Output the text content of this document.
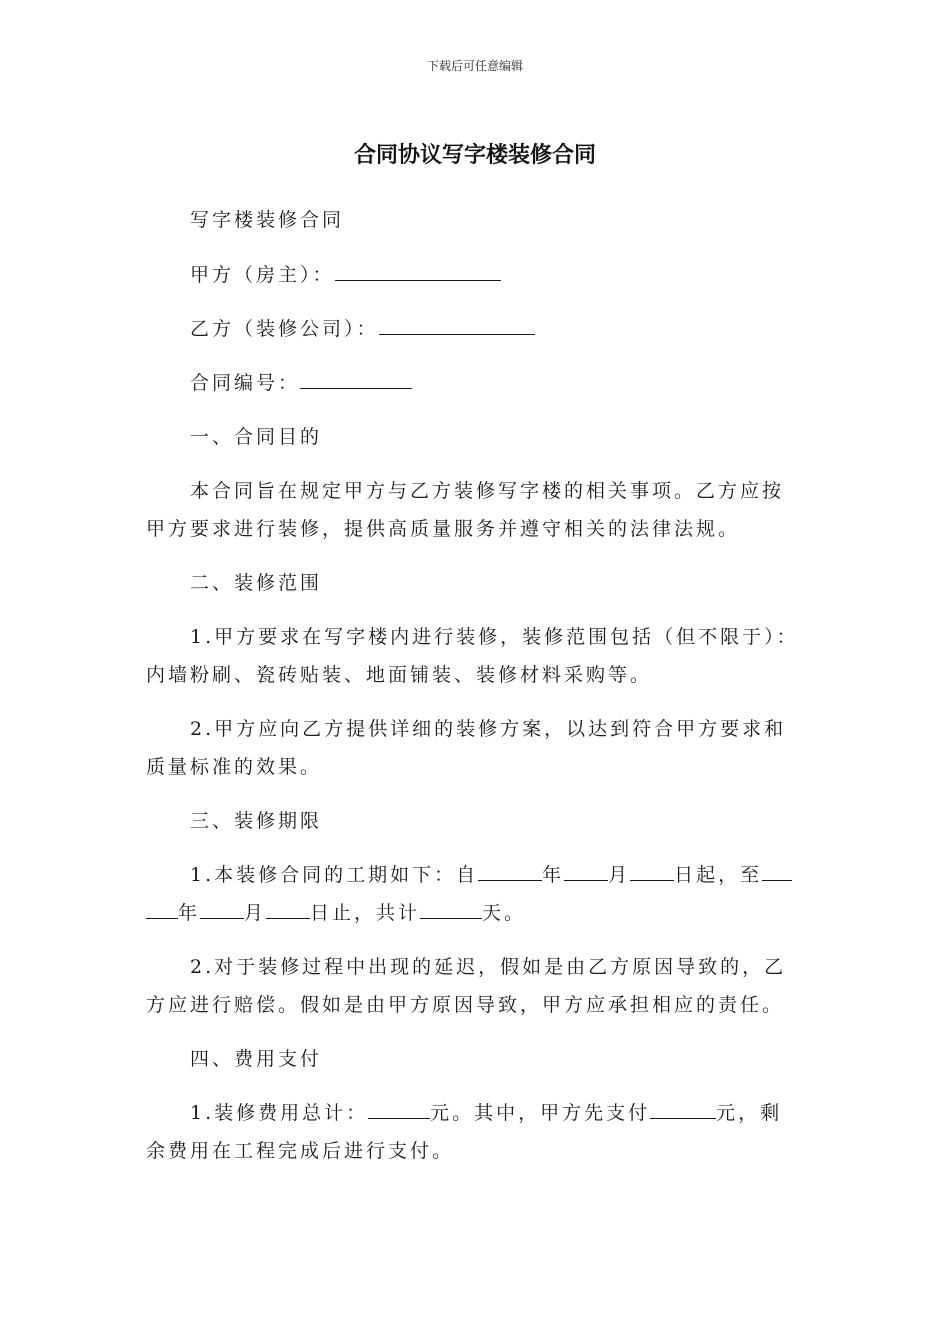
下载后可任意编辑
合同协议写字楼装修合同
写字楼装修合同
甲方（房主）：
乙方（装修公司）：
合同编号：
一、合同目的
本合同旨在规定甲方与乙方装修写字楼的相关事项。乙方应按
甲方要求进行装修，提供高质量服务并遵守相关的法律法规。
二、装修范围
1.甲方要求在写字楼内进行装修，装修范围包括（但不限于）：
内墙粉刷、瓷砖贴装、地面铺装、装修材料采购等。
2.甲方应向乙方提供详细的装修方案，以达到符合甲方要求和
质量标准的效果。
三、装修期限
1.本装修合同的工期如下：自	年 月 日起，至
年 月 日止，共计	天。
2.对于装修过程中出现的延迟，假如是由乙方原因导致的，乙
方应进行赔偿。假如是由甲方原因导致，甲方应承担相应的责任。
四、费用支付
1.装修费用总计：	元。其中，甲方先支付	元，剩
余费用在工程完成后进行支付。
